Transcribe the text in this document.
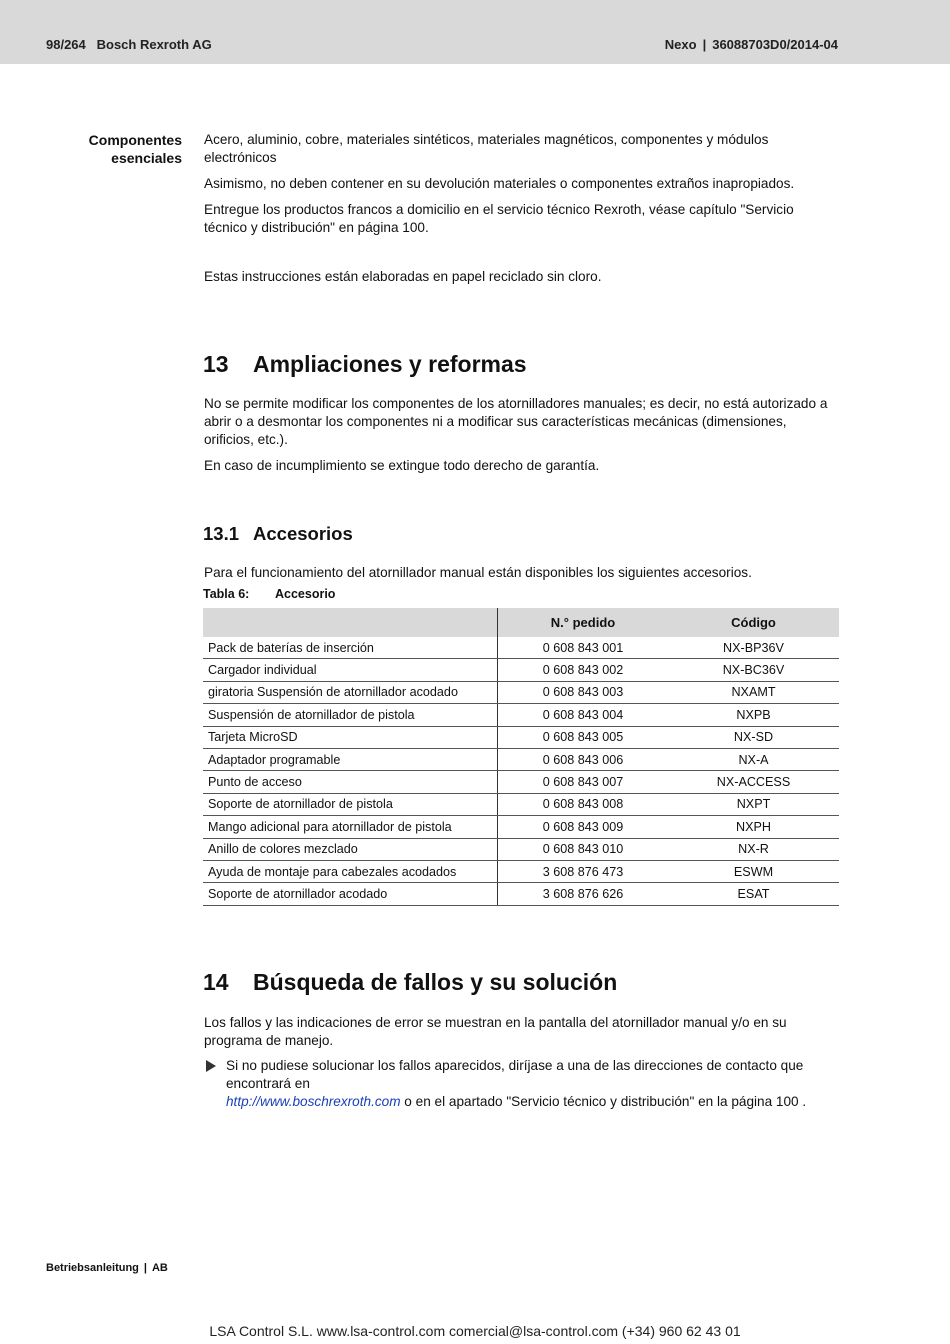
98/264 Bosch Rexroth AG	Nexo | 36088703D0/2014-04
Componentes
esenciales

Acero, aluminio, cobre, materiales sintéticos, materiales magnéticos, componentes y módulos electrónicos

Asimismo, no deben contener en su devolución materiales o componentes extraños inapropiados.

Entregue los productos francos a domicilio en el servicio técnico Rexroth, véase capítulo "Servicio técnico y distribución" en página 100.

Estas instrucciones están elaboradas en papel reciclado sin cloro.

13 Ampliaciones y reformas

No se permite modificar los componentes de los atornilladores manuales; es decir, no está autorizado a abrir o a desmontar los componentes ni a modificar sus características mecánicas (dimensiones, orificios, etc.).

En caso de incumplimiento se extingue todo derecho de garantía.

13.1 Accesorios

Para el funcionamiento del atornillador manual están disponibles los siguientes accesorios.

Tabla 6: Accesorio
	N.° pedido	Código
Pack de baterías de inserción	0 608 843 001	NX-BP36V
Cargador individual	0 608 843 002	NX-BC36V
giratoria Suspensión de atornillador acodado	0 608 843 003	NXAMT
Suspensión de atornillador de pistola	0 608 843 004	NXPB
Tarjeta MicroSD	0 608 843 005	NX-SD
Adaptador programable	0 608 843 006	NX-A
Punto de acceso	0 608 843 007	NX-ACCESS
Soporte de atornillador de pistola	0 608 843 008	NXPT
Mango adicional para atornillador de pistola	0 608 843 009	NXPH
Anillo de colores mezclado	0 608 843 010	NX-R
Ayuda de montaje para cabezales acodados	3 608 876 473	ESWM
Soporte de atornillador acodado	3 608 876 626	ESAT
14 Búsqueda de fallos y su solución

Los fallos y las indicaciones de error se muestran en la pantalla del atornillador manual y/o en su programa de manejo.

Si no pudiese solucionar los fallos aparecidos, diríjase a una de las direcciones de contacto que encontrará en
http://www.boschrexroth.com o en el apartado "Servicio técnico y distribución" en la página 100 .
Betriebsanleitung | AB
LSA Control S.L. www.lsa-control.com comercial@lsa-control.com (+34) 960 62 43 01
